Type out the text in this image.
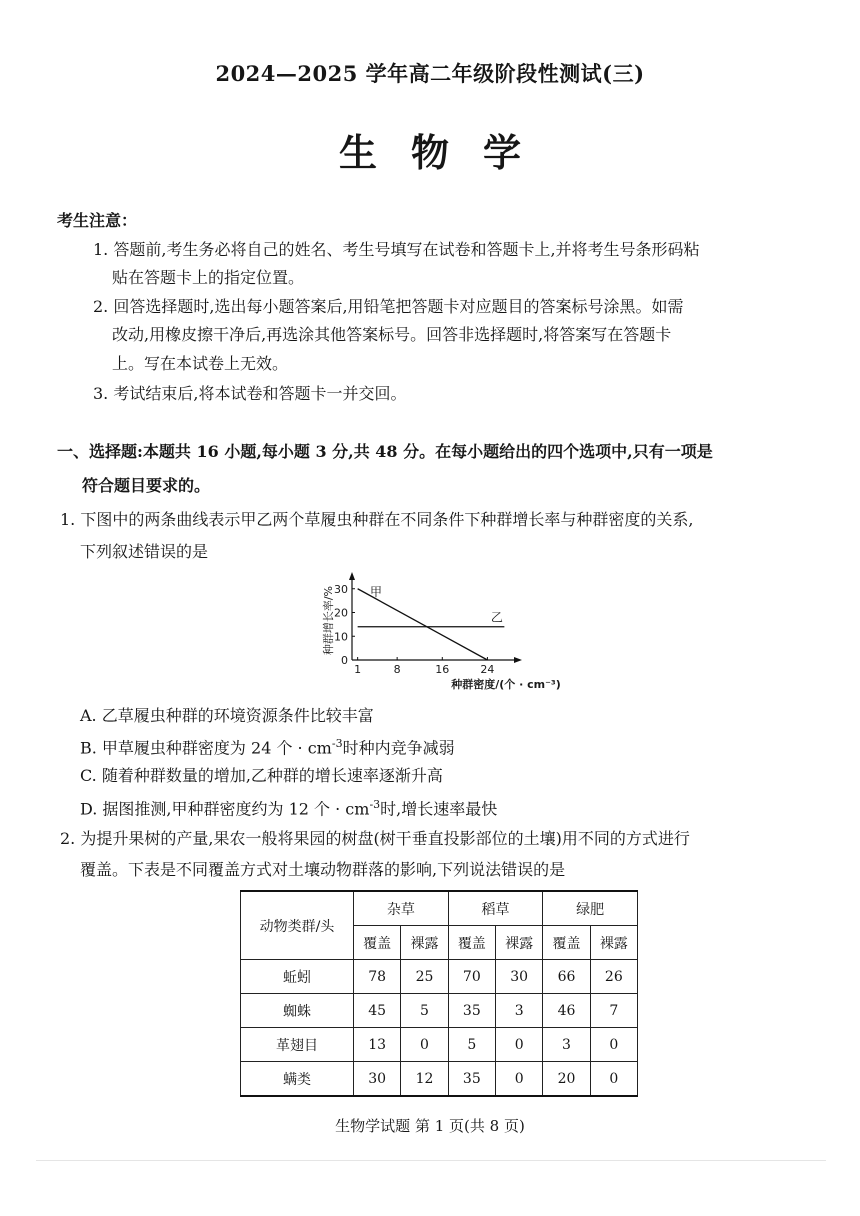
2024—2025 学年高二年级阶段性测试(三)
生物学
考生注意：
1. 答题前,考生务必将自己的姓名、考生号填写在试卷和答题卡上,并将考生号条形码粘
贴在答题卡上的指定位置。
2. 回答选择题时,选出每小题答案后,用铅笔把答题卡对应题目的答案标号涂黑。如需
改动,用橡皮擦干净后,再选涂其他答案标号。回答非选择题时,将答案写在答题卡
上。写在本试卷上无效。
3. 考试结束后,将本试卷和答题卡一并交回。
一、选择题:本题共 16 小题,每小题 3 分,共 48 分。在每小题给出的四个选项中,只有一项是
符合题目要求的。
1. 下图中的两条曲线表示甲乙两个草履虫种群在不同条件下种群增长率与种群密度的关系,
下列叙述错误的是
0
10
20
30
1	8	16	24
甲
乙
种群增长率/%
种群密度/(个 · cm⁻³)
A. 乙草履虫种群的环境资源条件比较丰富
B. 甲草履虫种群密度为 24 个 · $cm^{-3}$时种内竞争减弱
C. 随着种群数量的增加,乙种群的增长速率逐渐升高
D. 据图推测,甲种群密度约为 12 个 · $cm^{-3}$时,增长速率最快
2. 为提升果树的产量,果农一般将果园的树盘(树干垂直投影部位的土壤)用不同的方式进行
覆盖。下表是不同覆盖方式对土壤动物群落的影响,下列说法错误的是
动物类群/头	杂草		稻草		绿肥	
	覆盖	裸露	覆盖	裸露	覆盖	裸露
蚯蚓	78	25	70	30	66	26
蜘蛛	45	5	35	3	46	7
革翅目	13	0	5	0	3	0
螨类	30	12	35	0	20	0
生物学试题 第 1 页(共 8 页)
